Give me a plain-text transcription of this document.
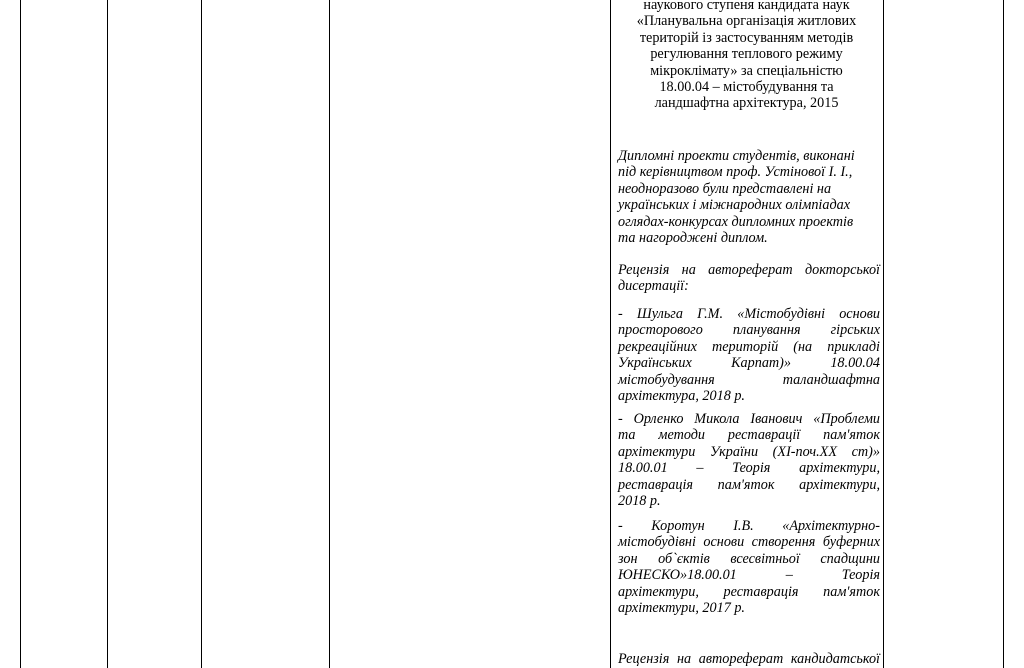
наукового ступеня кандидата наук
«Планувальна організація житлових
територій із застосуванням методів
регулювання теплового режиму
мікроклімату» за спеціальністю
18.00.04 – містобудування та
ландшафтна архітектура, 2015
Дипломні проекти студентів, виконані
під керівництвом проф. Устінової І. І.,
неодноразово були представлені на
українських і міжнародних олімпіадах
оглядах-конкурсах дипломних проектів
та нагороджені диплом.
Рецензія на автореферат докторської
дисертації:
- Шульга Г.М. «Містобудівні основи
просторового планування гірських
рекреаційних територій (на прикладі
Українських Карпат)» 18.00.04
містобудування таландшафтна
архітектура, 2018 р.
- Орленко Микола Іванович «Проблеми
та методи реставрації пам'яток
архітектури України (ХІ-поч.ХХ ст)»
18.00.01 – Теорія архітектури,
реставрація пам'яток архітектури,
2018 р.
- Коротун І.В. «Архітектурно-
містобудівні основи створення буферних
зон об`єктів всесвітньої спадщини
ЮНЕСКО»18.00.01 – Теорія
архітектури, реставрація пам'яток
архітектури, 2017 р.
Рецензія на автореферат кандидатської
